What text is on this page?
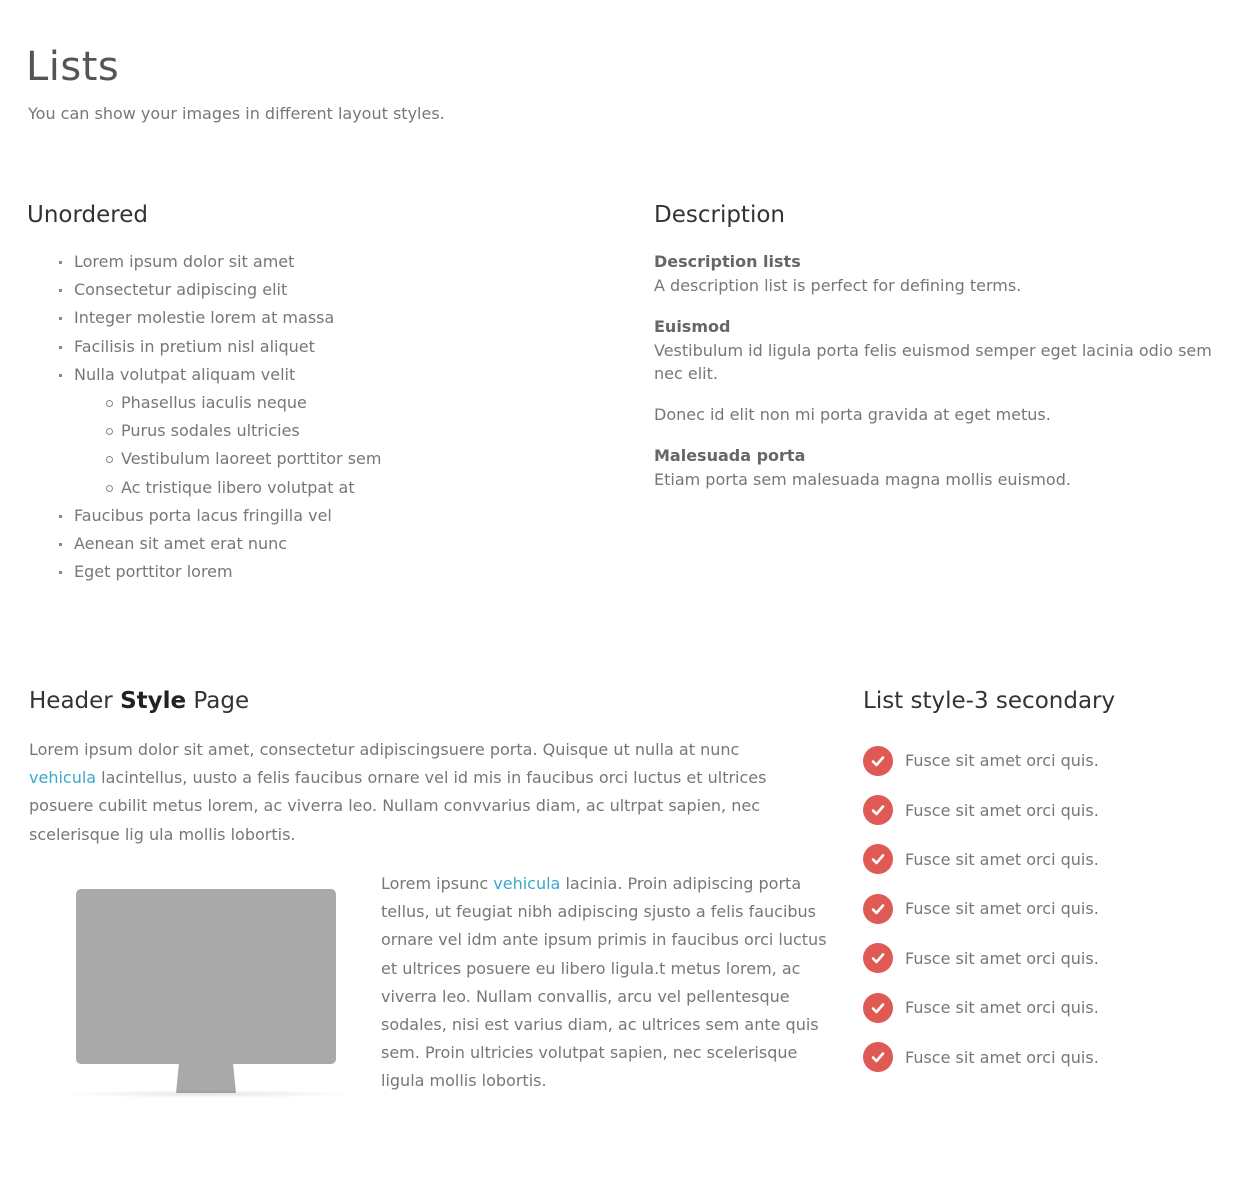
Lists

You can show your images in different layout styles.

Unordered
Lorem ipsum dolor sit amet
Consectetur adipiscing elit
Integer molestie lorem at massa
Facilisis in pretium nisl aliquet
Nulla volutpat aliquam velit
Phasellus iaculis neque
Purus sodales ultricies
Vestibulum laoreet porttitor sem
Ac tristique libero volutpat at
Faucibus porta lacus fringilla vel
Aenean sit amet erat nunc
Eget porttitor lorem
Description
Description lists
A description list is perfect for defining terms.
Euismod
Vestibulum id ligula porta felis euismod semper eget lacinia odio sem nec elit.
Donec id elit non mi porta gravida at eget metus.
Malesuada porta
Etiam porta sem malesuada magna mollis euismod.
Header Style Page

Lorem ipsum dolor sit amet, consectetur adipiscingsuere porta. Quisque ut nulla at nunc vehicula lacintellus, uusto a felis faucibus ornare vel id mis in faucibus orci luctus et ultrices posuere cubilit metus lorem, ac viverra leo. Nullam convvarius diam, ac ultrpat sapien, nec scelerisque lig ula mollis lobortis.

Lorem ipsunc vehicula lacinia. Proin adipiscing porta tellus, ut feugiat nibh adipiscing sjusto a felis faucibus ornare vel idm ante ipsum primis in faucibus orci luctus et ultrices posuere eu libero ligula.t metus lorem, ac viverra leo. Nullam convallis, arcu vel pellentesque sodales, nisi est varius diam, ac ultrices sem ante quis sem. Proin ultricies volutpat sapien, nec scelerisque ligula mollis lobortis.

List style-3 secondary
Fusce sit amet orci quis.
Fusce sit amet orci quis.
Fusce sit amet orci quis.
Fusce sit amet orci quis.
Fusce sit amet orci quis.
Fusce sit amet orci quis.
Fusce sit amet orci quis.
